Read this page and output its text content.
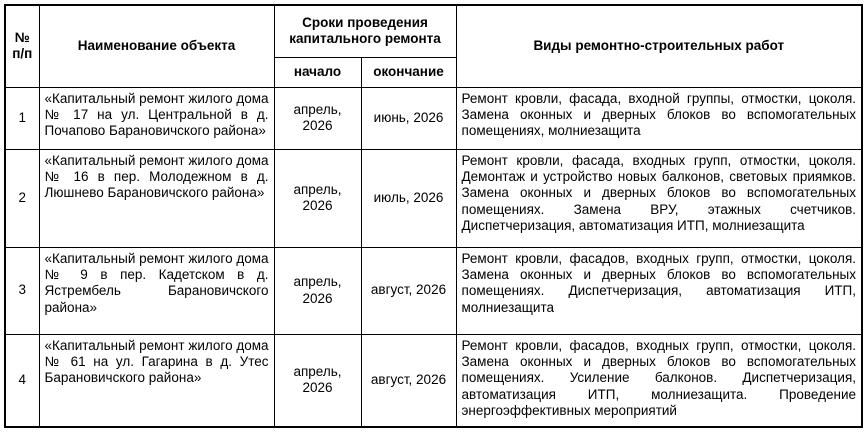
№ п/п	Наименование объекта	Сроки проведения капитального ремонта		Виды ремонтно-строительных работ
		начало	окончание	
1	«Капитальный ремонт жилого дома № 17 на ул. Центральной в д. Почапово Барановичского района»	апрель, 2026	июнь, 2026	Ремонт кровли, фасада, входной группы, отмостки, цоколя. Замена оконных и дверных блоков во вспомогательных помещениях, молниезащита
2	«Капитальный ремонт жилого дома № 16 в пер. Молодежном в д. Люшнево Барановичского района»	апрель, 2026	июль, 2026	Ремонт кровли, фасада, входных групп, отмостки, цоколя. Демонтаж и устройство новых балконов, световых приямков. Замена оконных и дверных блоков во вспомогательных помещениях. Замена ВРУ, этажных счетчиков. Диспетчеризация, автоматизация ИТП, молниезащита
3	«Капитальный ремонт жилого дома № 9 в пер. Кадетском в д. Ястрембель Барановичского района»	апрель, 2026	август, 2026	Ремонт кровли, фасадов, входных групп, отмостки, цоколя. Замена оконных и дверных блоков во вспомогательных помещениях. Диспетчеризация, автоматизация ИТП, молниезащита
4	«Капитальный ремонт жилого дома № 61 на ул. Гагарина в д. Утес Барановичского района»	апрель, 2026	август, 2026	Ремонт кровли, фасадов, входных групп, отмостки, цоколя. Замена оконных и дверных блоков во вспомогательных помещениях. Усиление балконов. Диспетчеризация, автоматизация ИТП, молниезащита. Проведение энергоэффективных мероприятий
